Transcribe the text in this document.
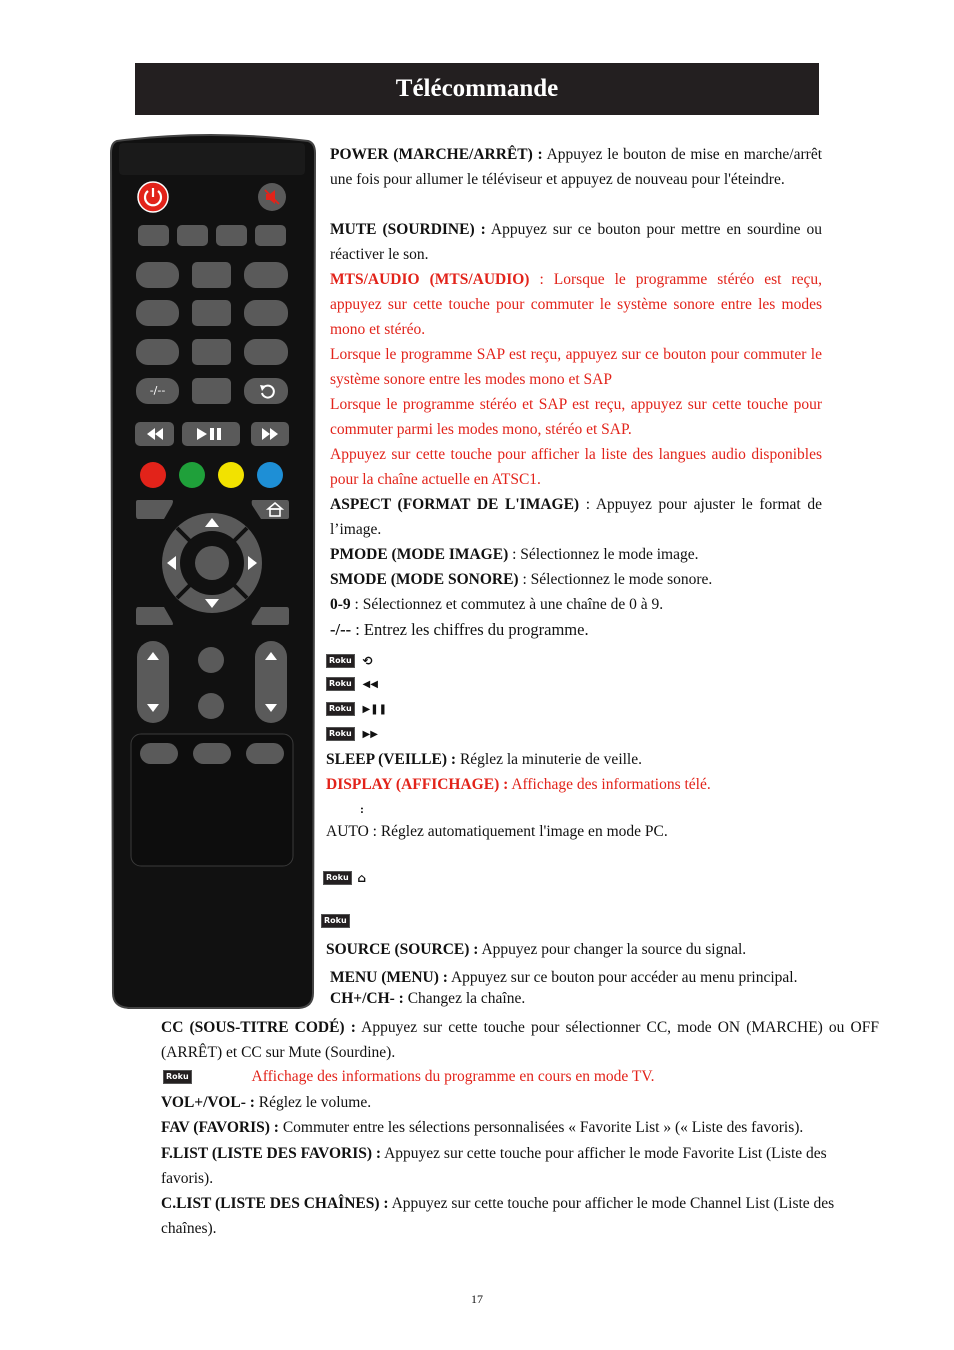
Télécommande
-/--
POWER (MARCHE/ARRÊT) : Appuyez le bouton de mise en marche/arrêt une fois pour allumer le téléviseur et appuyez de nouveau pour l'éteindre.
MUTE (SOURDINE) : Appuyez sur ce bouton pour mettre en sourdine ou réactiver le son.
MTS/AUDIO (MTS/AUDIO) : Lorsque le programme stéréo est reçu, appuyez sur cette touche pour commuter le système sonore entre les modes mono et stéréo.
Lorsque le programme SAP est reçu, appuyez sur ce bouton pour commuter le système sonore entre les modes mono et SAP
Lorsque le programme stéréo et SAP est reçu, appuyez sur cette touche pour commuter parmi les modes mono, stéréo et SAP.
Appuyez sur cette touche pour afficher la liste des langues audio disponibles pour la chaîne actuelle en ATSC1.
ASPECT (FORMAT DE L'IMAGE) : Appuyez pour ajuster le format de l’image.
PMODE (MODE IMAGE) : Sélectionnez le mode image.
SMODE (MODE SONORE) : Sélectionnez le mode sonore.
0-9 : Sélectionnez et commutez à une chaîne de 0 à 9.
-/-- : Entrez les chiffres du programme.
Roku ⟲
Roku ◀◀
Roku ▶❚❚
Roku ▶▶
SLEEP (VEILLE) : Réglez la minuterie de veille.
DISPLAY (AFFICHAGE) : Affichage des informations télé.
:
AUTO : Réglez automatiquement l'image en mode PC.
Roku ⌂
Roku
SOURCE (SOURCE) : Appuyez pour changer la source du signal.
MENU (MENU) : Appuyez sur ce bouton pour accéder au menu principal.
CH+/CH- : Changez la chaîne.
CC (SOUS-TITRE CODÉ) : Appuyez sur cette touche pour sélectionner CC, mode ON (MARCHE) ou OFF (ARRÊT) et CC sur Mute (Sourdine).
Roku	Affichage des informations du programme en cours en mode TV.
VOL+/VOL- : Réglez le volume.
FAV (FAVORIS) : Commuter entre les sélections personnalisées « Favorite List » (« Liste des favoris).
F.LIST (LISTE DES FAVORIS) : Appuyez sur cette touche pour afficher le mode Favorite List (Liste des favoris).
C.LIST (LISTE DES CHAÎNES) : Appuyez sur cette touche pour afficher le mode Channel List (Liste des chaînes).
17
